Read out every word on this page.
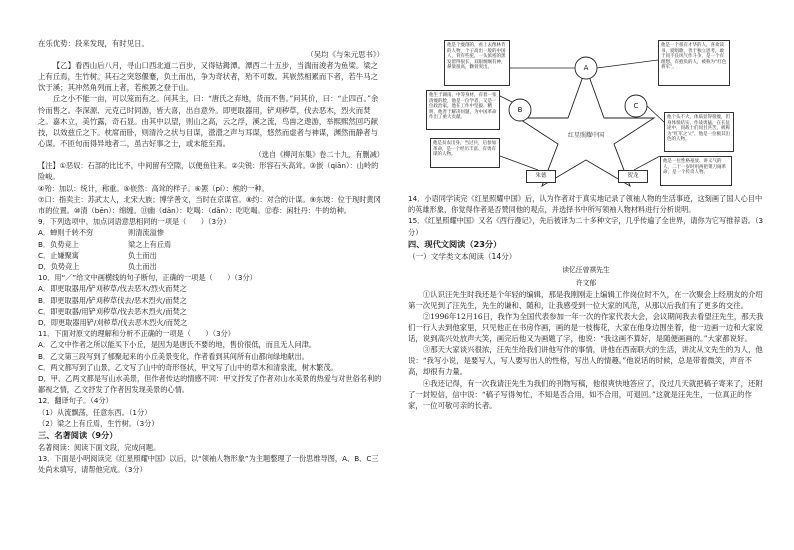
在乐优势：段来发现，有时见日。

（吴均《与朱元思书》）

【乙】看西山后八月，寻山口西北道二百步，又得钴鉧潭。潭西二十五步，当湍而浚者为鱼梁。梁之上有丘焉，生竹树。其石之突怒偃蹇，负土而出，争为奇状者，殆不可数。其嵚然相累而下者，若牛马之饮于溪；其冲然角列而上者，若熊罴之登于山。

丘之小不能一亩，可以笼而有之。问其主，曰：“唐氏之弃地，货而不售。”问其价，曰：“止四百。”余怜而售之。李深源、元克己时同游，皆大喜，出自意外。即更取器用，铲刈秽草，伐去恶木，烈火而焚之。嘉木立，美竹露，奇石显。由其中以望，则山之高，云之浮，溪之流，鸟兽之遨游，举熙熙然回巧献技，以效兹丘之下。枕席而卧，则清泠之状与目谋，瀯瀯之声与耳谋，悠然而虚者与神谋，渊然而静者与心谋。不匝旬而得异地者二，虽古好事之士，或未能至焉。

（选自《柳河东集》卷二十九，有删减）

【注】①恶奴：石部的比比不，中间留有空隙，以便鱼往来。②尖锐：形容石头高耸。③嵌（qiān）：山岭的险峻。

④殆：加以：统计，称重。⑤嵚然：高耸的样子。⑥罴（pí）：熊的一种。

⑦口：指卖主：苏武太人，北宋大族；博学善文，当时在京谋官。⑧约：对合的计谋。⑨东坡：位于现时黄冈市的位置。⑩清（bēn）：绵缠。⑪幽（dān）：吃喝：（dān）：吃吃喝。⑫春：闲牡丹：牛的幼种。

9．下列选项中，加点词语意思相同的一项是（　　）（3分）

A．蝉则千转不穷	则清流溢惨
B．负势竞上	梁之上有丘焉
C．止嫌聚寓	负土而出
D．负势竞上	负土而出

10．用“／”给文中画横线的句子断句，正确的一项是（　　）（3分）

A．即更取器用/铲刈秽草/伐去恶木/烈火而焚之

B．即更取器用/铲刈秽草伐去/恶木烈火/而焚之

C．即更取器/用铲刈秽草/伐去恶木烈火/而焚之

D．即更取器用铲/刈秽草/伐去恶木烈火/而焚之

11．下面对原文的理解和分析不正确的一项是（　　）（3分）

A．乙文中作者之所以能买下小丘，是因为是唐氏不要的地，售价很低，而且无人问津。

B．乙文第三段写到了郁聚起来的小丘美景变化，作者看到其间所有山都向绿地献出。

C．两文都写到了山景，乙文写了山中的奇形怪状，甲文写了山中的草木和清泉流，树木繁茂。

D．甲、乙两文都是写山水美景，但作者传达的情感不同：甲文抒发了作者对山水美景的热爱与对世俗名利的鄙视之情，乙文抒发了作者因发现美景的心情。

12．翻译句子。（4分）

（1）从流飘荡，任意东西。（1分）

（2）梁之上有丘焉，生竹树。（3分）

三、名著阅读（9分）

名著阅读：阅读下面文段，完成问题。

13．下面是小明阅读完《红星照耀中国》以后，以“领袖人物形象”为主题整理了一份思维导图，A、B、C三处尚未填写，请帮他完成。（3分）

他是个瘦削的，看上去像林肯的人物，个子高出一般的中国人，背有些驼，一头浓密的黑发留得很长，双眼炯炯有神，鼻梁很高，颧骨突出。
他是一个很有才华的人，喜欢读书，爱唱歌，善于独立思考，敢于同不良风气作斗争，是一个有理想、有抱负的人，被称为“红色将军”。
他生于湖南，中等身材，有着一张清瘦的脸，他是一位学者，又是一位政治家，他在工作中坚毅、精明，他善于解决问题，为中国革命作出了重大贡献。	他个头不大，体质显得很瘦，但身体很结实，作战勇猛，在长征途中，同战士们同甘共苦，被称为“红军之父”，他是一位极其出色的人物。
他是贫农出身，当过兵，后参加革命，是一个经历丰富、有勇有谋的人物。
他是一位性格豪放、讲义气的人，二十一岁时用两把菜刀闹革命，是一个传奇人物。
A
B	C
红星照耀中国
朱德	贺龙

14．小语同学读完《红星照耀中国》后，认为作者对于真实地记录了领袖人物的生活事迹，这刻画了国人心目中的英雄形象，你觉得作者是否赞同他的观点，并选择书中所写领袖人物材料进行分析说明。

15．《红星照耀中国》又名《西行漫记》，先后被译为二十多种文字，几乎传遍了全世界，请你为它写推荐语。（3分）

四、现代文阅读（23分）

（一）文学类文本阅读（14分）

读忆汪曾祺先生

许文郁

①认识汪先生时我还是个年轻的编辑，那是我刚刚走上编辑工作岗位时不久，在一次聚会上经朋友的介绍第一次见到了汪先生，先生的谦和、随和，让我感受到一位大家的风范，从那以后我们有了更多的交往。

②1996年12月16日，我作为全国代表参加一年一次的作家代表大会，会议期间我去看望汪先生，那天我们一行人去到他家里，只见他正在书房作画，画的是一枝梅花，大家在他身边围坐着，他一边画一边和大家说话，说到高兴处放声大笑，画完后他又为画题了字，他说：“我这画不算好，是随便画画的。”大家都说好。

③那天大家谈兴很浓，汪先生给我们讲他写作的事情，讲他在西南联大的生活，讲沈从文先生的为人，他说：“我写小说，是要写人，写人要写出人的性格，写出人的情趣。”他说话的时候，总是带着微笑，声音不高，却很有力量。

④我还记得，有一次我请汪先生为我们的刊物写稿，他很爽快地答应了，没过几天就把稿子寄来了，还附了一封短信，信中说：“稿子写得匆忙，不知是否合用，如不合用，可退回。”这就是汪先生，一位真正的作家，一位可敬可亲的长者。
